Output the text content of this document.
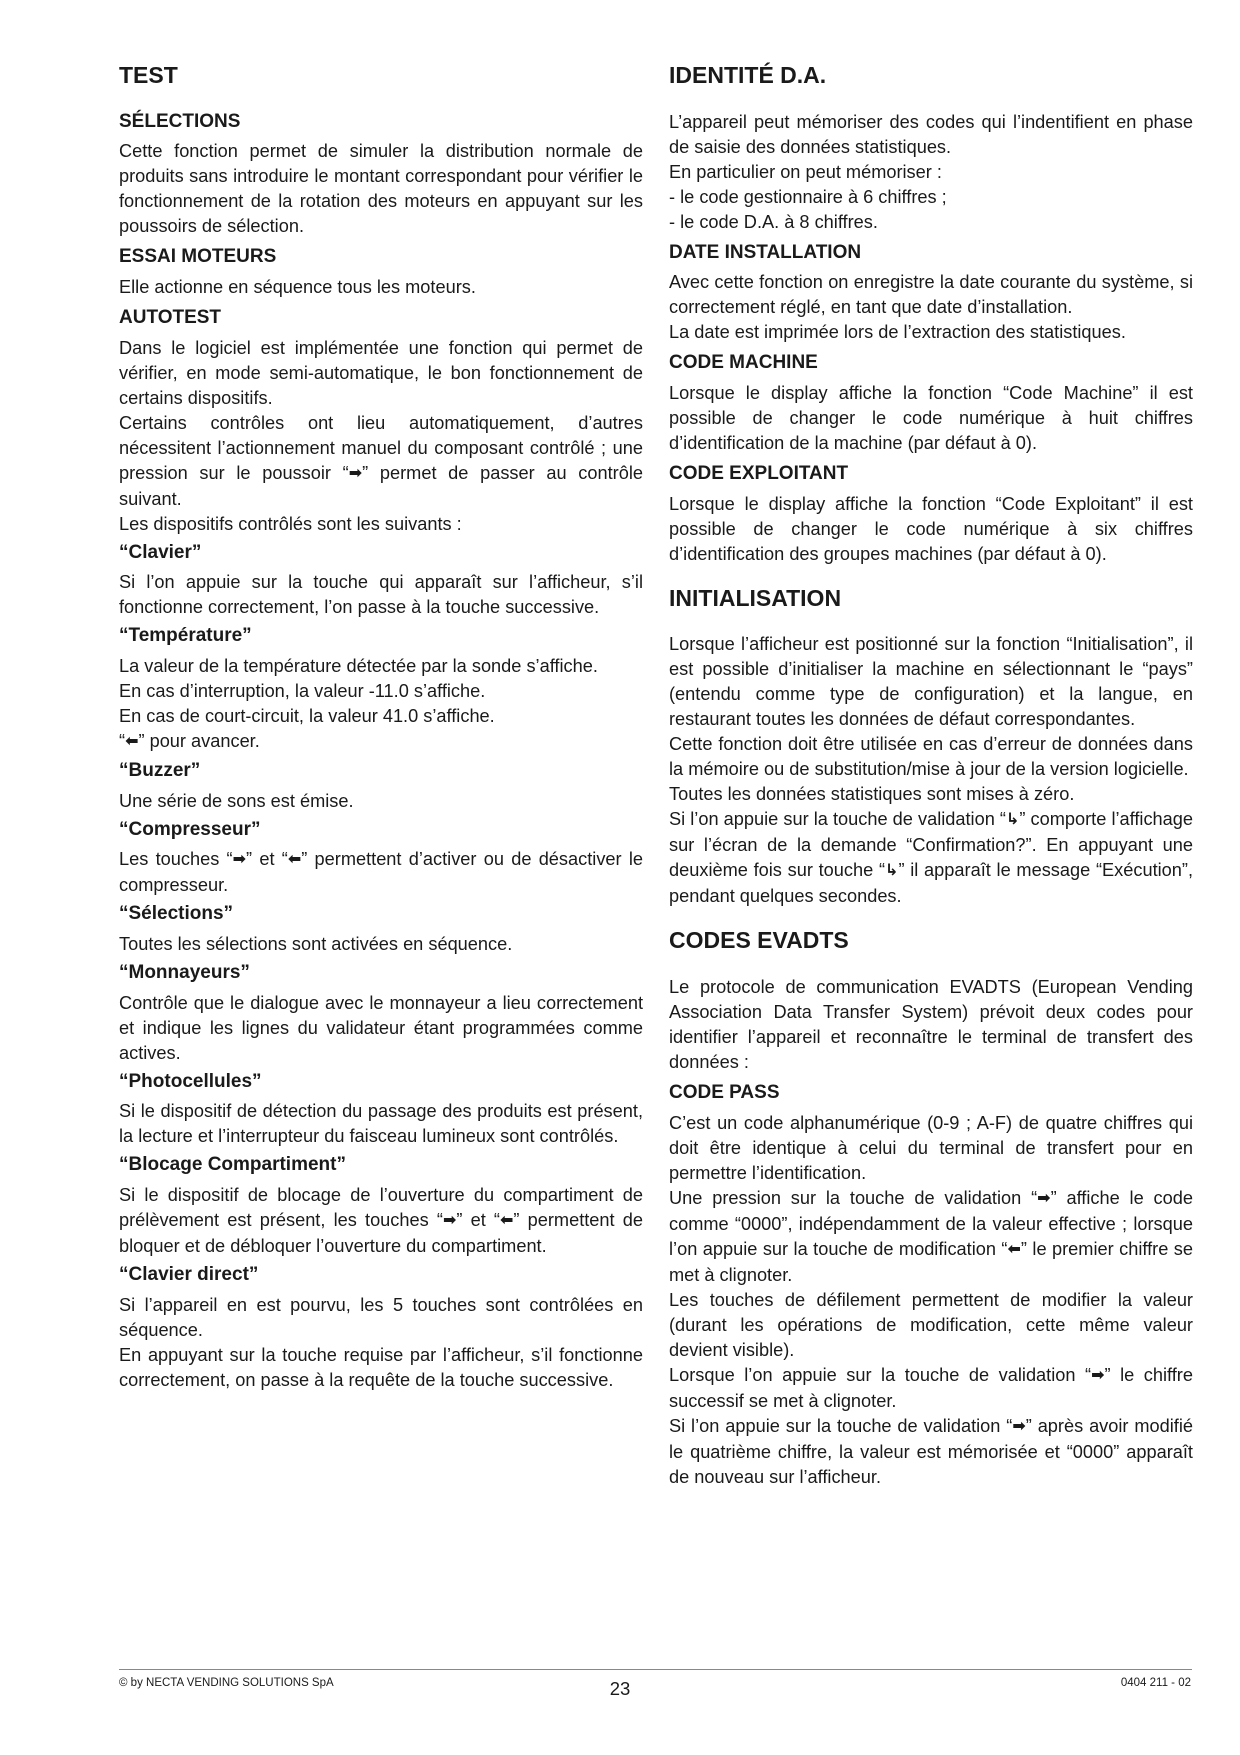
TEST
SÉLECTIONS

Cette fonction permet de simuler la distribution normale de produits sans introduire le montant correspondant pour vérifier le fonctionnement de la rotation des moteurs en appuyant sur les poussoirs de sélection.

ESSAI MOTEURS

Elle actionne en séquence tous les moteurs.

AUTOTEST

Dans le logiciel est implémentée une fonction qui permet de vérifier, en mode semi-automatique, le bon fonctionnement de certains dispositifs.

Certains contrôles ont lieu automatiquement, d’autres nécessitent l’actionnement manuel du composant contrôlé ; une pression sur le poussoir “➡” permet de passer au contrôle suivant.

Les dispositifs contrôlés sont les suivants :

“Clavier”

Si l’on appuie sur la touche qui apparaît sur l’afficheur, s’il fonctionne correctement, l’on passe à la touche successive.

“Température”

La valeur de la température détectée par la sonde s’affiche.

En cas d’interruption, la valeur -11.0 s’affiche.

En cas de court-circuit, la valeur 41.0 s’affiche.

“⬅” pour avancer.

“Buzzer”

Une série de sons est émise.

“Compresseur”

Les touches “➡” et “⬅” permettent d’activer ou de désactiver le compresseur.

“Sélections”

Toutes les sélections sont activées en séquence.

“Monnayeurs”

Contrôle que le dialogue avec le monnayeur a lieu correctement et indique les lignes du validateur étant programmées comme actives.

“Photocellules”

Si le dispositif de détection du passage des produits est présent, la lecture et l’interrupteur du faisceau lumineux sont contrôlés.

“Blocage Compartiment”

Si le dispositif de blocage de l’ouverture du compartiment de prélèvement est présent, les touches “➡” et “⬅” permettent de bloquer et de débloquer l’ouverture du compartiment.

“Clavier direct”

Si l’appareil en est pourvu, les 5 touches sont contrôlées en séquence.

En appuyant sur la touche requise par l’afficheur, s’il fonctionne correctement, on passe à la requête de la touche successive.

IDENTITÉ D.A.

L’appareil peut mémoriser des codes qui l’indentifient en phase de saisie des données statistiques.

En particulier on peut mémoriser :

- le code gestionnaire à 6 chiffres ;

- le code D.A. à 8 chiffres.

DATE INSTALLATION

Avec cette fonction on enregistre la date courante du système, si correctement réglé, en tant que date d’installation.

La date est imprimée lors de l’extraction des statistiques.

CODE MACHINE

Lorsque le display affiche la fonction “Code Machine” il est possible de changer le code numérique à huit chiffres d’identification de la machine (par défaut à 0).

CODE EXPLOITANT

Lorsque le display affiche la fonction “Code Exploitant” il est possible de changer le code numérique à six chiffres d’identification des groupes machines (par défaut à 0).

INITIALISATION

Lorsque l’afficheur est positionné sur la fonction “Initialisation”, il est possible d’initialiser la machine en sélectionnant le “pays” (entendu comme type de configuration) et la langue, en restaurant toutes les données de défaut correspondantes.

Cette fonction doit être utilisée en cas d’erreur de données dans la mémoire ou de substitution/mise à jour de la version logicielle.

Toutes les données statistiques sont mises à zéro.

Si l’on appuie sur la touche de validation “↳” comporte l’affichage sur l’écran de la demande “Confirmation?”. En appuyant une deuxième fois sur touche “↳” il apparaît le message “Exécution”, pendant quelques secondes.

CODES EVADTS

Le protocole de communication EVADTS (European Vending Association Data Transfer System) prévoit deux codes pour identifier l’appareil et reconnaître le terminal de transfert des données :

CODE PASS

C’est un code alphanumérique (0-9 ; A-F) de quatre chiffres qui doit être identique à celui du terminal de transfert pour en permettre l’identification.

Une pression sur la touche de validation “➡” affiche le code comme “0000”, indépendamment de la valeur effective ; lorsque l’on appuie sur la touche de modification “⬅” le premier chiffre se met à clignoter.

Les touches de défilement permettent de modifier la valeur (durant les opérations de modification, cette même valeur devient visible).

Lorsque l’on appuie sur la touche de validation “➡” le chiffre successif se met à clignoter.

Si l’on appuie sur la touche de validation “➡” après avoir modifié le quatrième chiffre, la valeur est mémorisée et “0000” apparaît de nouveau sur l’afficheur.

© by NECTA VENDING SOLUTIONS SpA	23	0404 211 - 02
